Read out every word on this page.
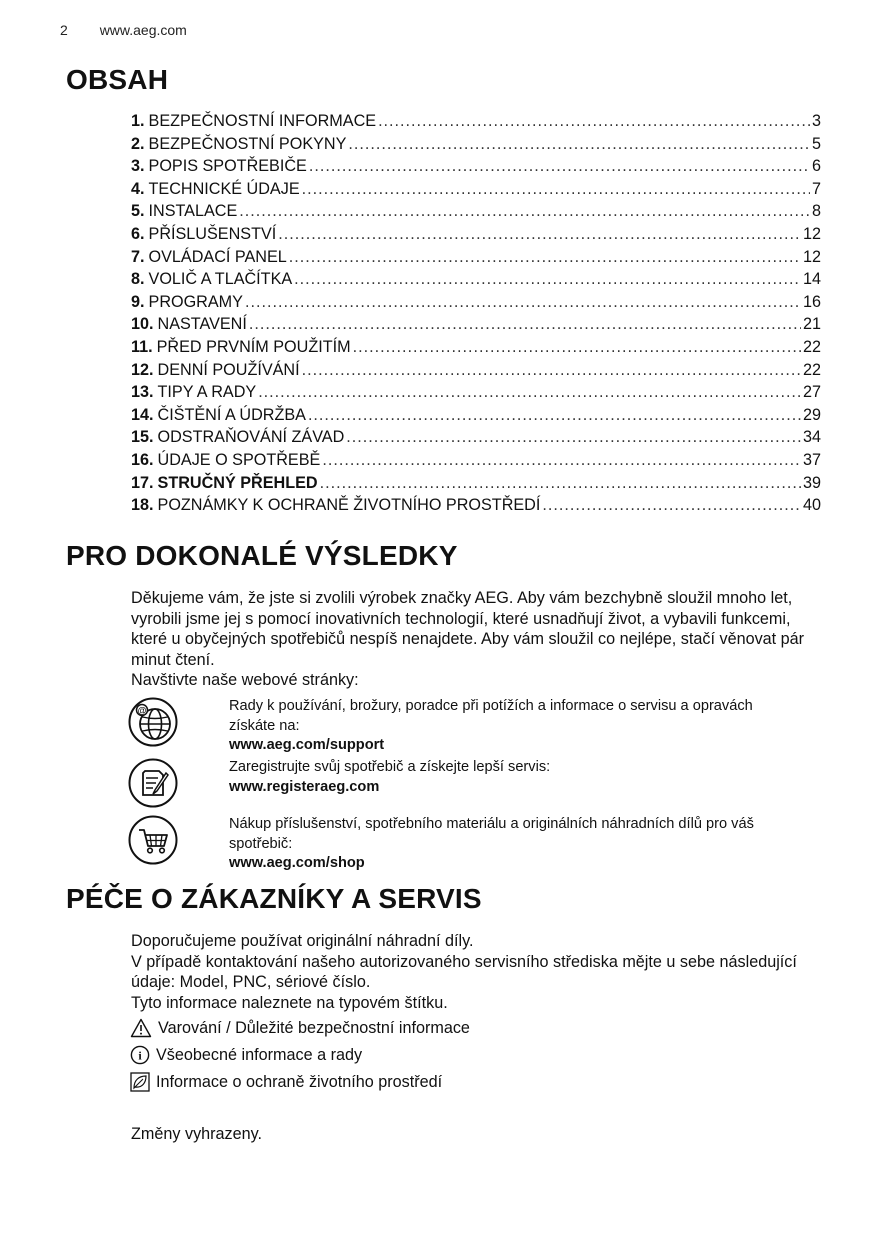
2 www.aeg.com
OBSAH
1. BEZPEČNOSTNÍ INFORMACE .....	3
2. BEZPEČNOSTNÍ POKYNY .....	5
3. POPIS SPOTŘEBIČE .....	6
4. TECHNICKÉ ÚDAJE .....	7
5. INSTALACE .....	8
6. PŘÍSLUŠENSTVÍ .....	12
7. OVLÁDACÍ PANEL .....	12
8. VOLIČ A TLAČÍTKA .....	14
9. PROGRAMY .....	16
10. NASTAVENÍ .....	21
11. PŘED PRVNÍM POUŽITÍM .....	22
12. DENNÍ POUŽÍVÁNÍ .....	22
13. TIPY A RADY .....	27
14. ČIŠTĚNÍ A ÚDRŽBA .....	29
15. ODSTRAŇOVÁNÍ ZÁVAD .....	34
16. ÚDAJE O SPOTŘEBĚ .....	37
17. STRUČNÝ PŘEHLED .....	39
18. POZNÁMKY K OCHRANĚ ŽIVOTNÍHO PROSTŘEDÍ .....	40
PRO DOKONALÉ VÝSLEDKY

Děkujeme vám, že jste si zvolili výrobek značky AEG. Aby vám bezchybně sloužil mnoho let, vyrobili jsme jej s pomocí inovativních technologií, které usnadňují život, a vybavili funkcemi, které u obyčejných spotřebičů nespíš nenajdete. Aby vám sloužil co nejlépe, stačí věnovat pár minut čtení.

Navštivte naše webové stránky:

@	Rady k používání, brožury, poradce při potížích a informace o servisu a opravách získáte na:
www.aeg.com/support
Zaregistrujte svůj spotřebič a získejte lepší servis:
www.registeraeg.com
Nákup příslušenství, spotřebního materiálu a originálních náhradních dílů pro váš spotřebič:
www.aeg.com/shop
PÉČE O ZÁKAZNÍKY A SERVIS
Doporučujeme používat originální náhradní díly.
V případě kontaktování našeho autorizovaného servisního střediska mějte u sebe následující údaje: Model, PNC, sériové číslo.
Tyto informace naleznete na typovém štítku.
Varování / Důležité bezpečnostní informace
i Všeobecné informace a rady
Informace o ochraně životního prostředí

Změny vyhrazeny.
